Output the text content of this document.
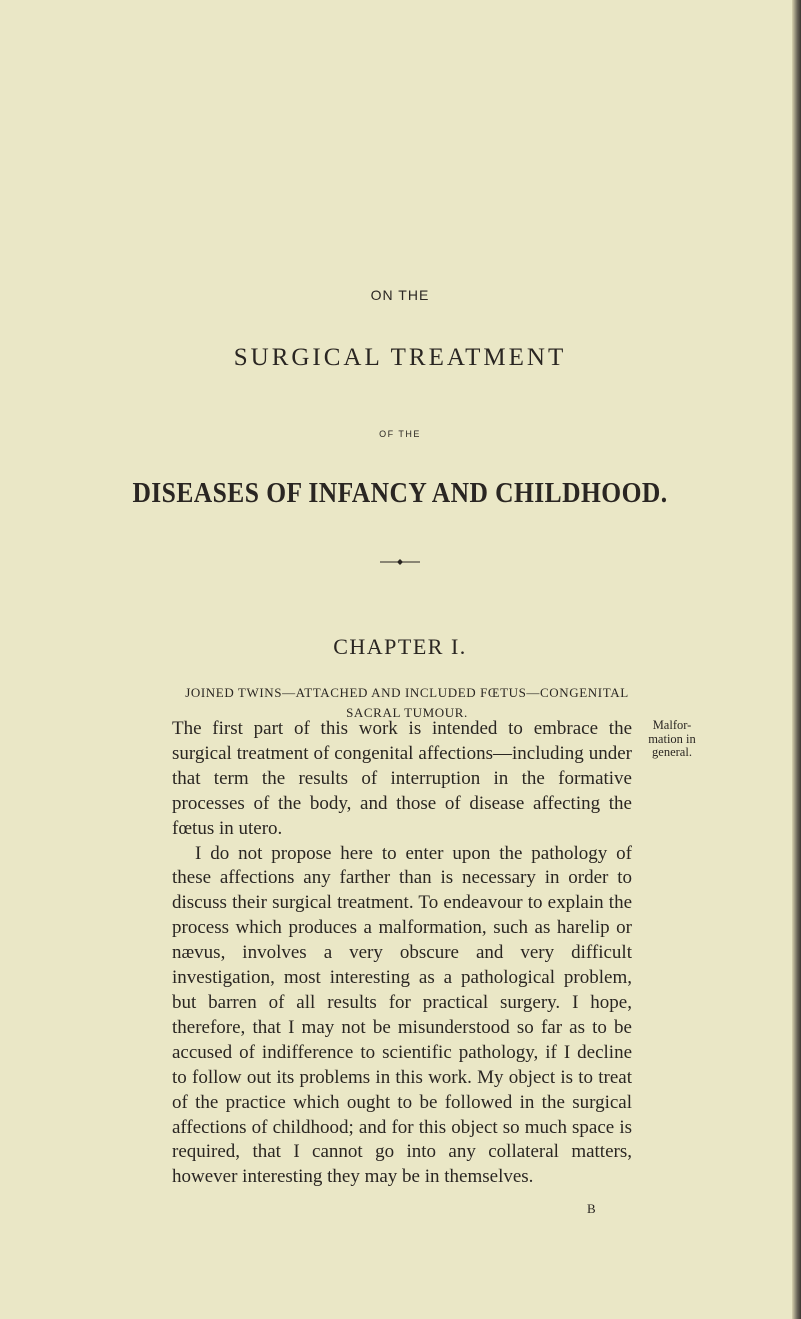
ON THE
SURGICAL TREATMENT
OF THE
DISEASES OF INFANCY AND CHILDHOOD.
CHAPTER I.
JOINED TWINS—ATTACHED AND INCLUDED FŒTUS—CONGENITAL SACRAL TUMOUR.

The first part of this work is intended to embrace the surgical treatment of congenital affections—including under that term the results of interruption in the formative processes of the body, and those of disease affecting the fœtus in utero.

I do not propose here to enter upon the pathology of these affections any farther than is necessary in order to discuss their surgical treatment. To endeavour to explain the process which produces a malformation, such as harelip or nævus, involves a very obscure and very difficult investigation, most interesting as a pathological problem, but barren of all results for practical surgery. I hope, therefore, that I may not be misunderstood so far as to be accused of indifference to scientific pathology, if I decline to follow out its problems in this work. My object is to treat of the practice which ought to be followed in the surgical affections of childhood; and for this object so much space is required, that I cannot go into any collateral matters, however interesting they may be in themselves.

Malfor-mation in general.
B
